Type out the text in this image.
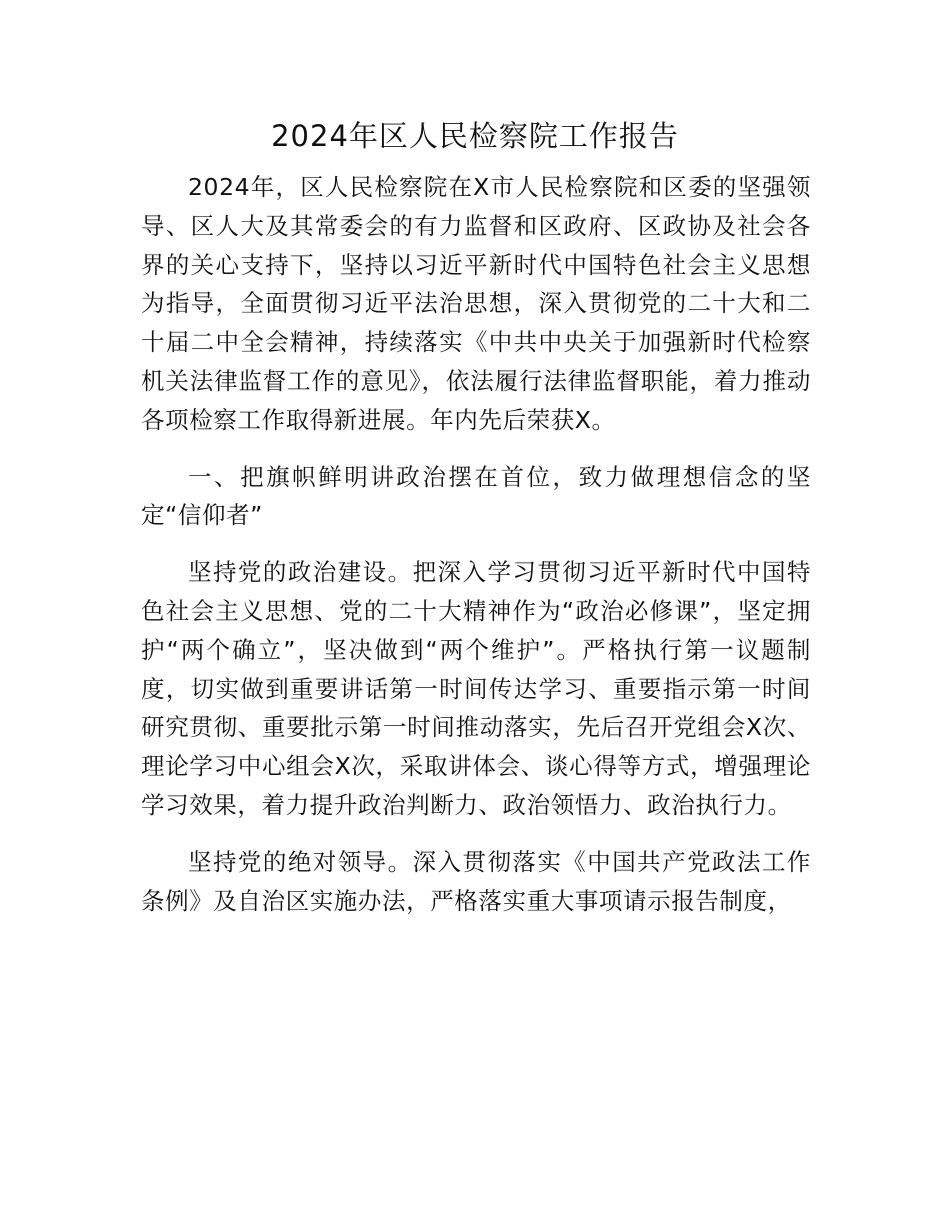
2024年区人民检察院工作报告

2024年，区人民检察院在X市人民检察院和区委的坚强领导、区人大及其常委会的有力监督和区政府、区政协及社会各界的关心支持下，坚持以习近平新时代中国特色社会主义思想为指导，全面贯彻习近平法治思想，深入贯彻党的二十大和二十届二中全会精神，持续落实《中共中央关于加强新时代检察机关法律监督工作的意见》，依法履行法律监督职能，着力推动各项检察工作取得新进展。年内先后荣获X。

一、把旗帜鲜明讲政治摆在首位，致力做理想信念的坚定“信仰者”

坚持党的政治建设。把深入学习贯彻习近平新时代中国特色社会主义思想、党的二十大精神作为“政治必修课”，坚定拥护“两个确立”，坚决做到“两个维护”。严格执行第一议题制度，切实做到重要讲话第一时间传达学习、重要指示第一时间研究贯彻、重要批示第一时间推动落实，先后召开党组会X次、理论学习中心组会X次，采取讲体会、谈心得等方式，增强理论学习效果，着力提升政治判断力、政治领悟力、政治执行力。

坚持党的绝对领导。深入贯彻落实《中国共产党政法工作条例》及自治区实施办法，严格落实重大事项请示报告制度，
